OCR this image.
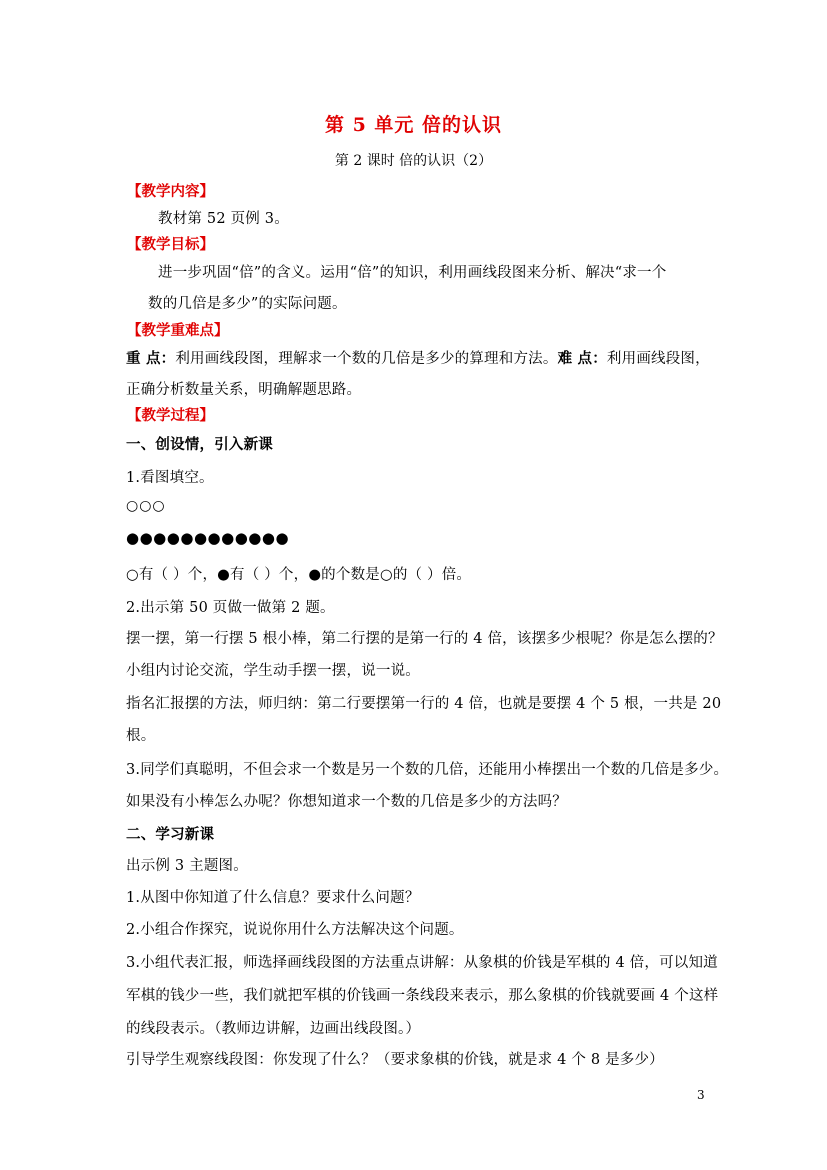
第 5 单元 倍的认识
第 2 课时 倍的认识（2）
【教学内容】
教材第 52 页例 3。
【教学目标】
进一步巩固“倍”的含义。运用“倍”的知识，利用画线段图来分析、解决“求一个
数的几倍是多少”的实际问题。
【教学重难点】
重 点：利用画线段图，理解求一个数的几倍是多少的算理和方法。难 点：利用画线段图，
正确分析数量关系，明确解题思路。
【教学过程】
一、创设情，引入新课
1.看图填空。
○○○
●●●●●●●●●●●●
○有（ ）个，●有（ ）个，●的个数是○的（ ）倍。
2.出示第 50 页做一做第 2 题。
摆一摆，第一行摆 5 根小棒，第二行摆的是第一行的 4 倍，该摆多少根呢？你是怎么摆的？
小组内讨论交流，学生动手摆一摆，说一说。
指名汇报摆的方法，师归纳：第二行要摆第一行的 4 倍，也就是要摆 4 个 5 根，一共是 20
根。
3.同学们真聪明，不但会求一个数是另一个数的几倍，还能用小棒摆出一个数的几倍是多少。
如果没有小棒怎么办呢？你想知道求一个数的几倍是多少的方法吗？
二、学习新课
出示例 3 主题图。
1.从图中你知道了什么信息？要求什么问题？
2.小组合作探究，说说你用什么方法解决这个问题。
3.小组代表汇报，师选择画线段图的方法重点讲解：从象棋的价钱是军棋的 4 倍，可以知道
军棋的钱少一些，我们就把军棋的价钱画一条线段来表示，那么象棋的价钱就要画 4 个这样
的线段表示。（教师边讲解，边画出线段图。）
引导学生观察线段图：你发现了什么？（要求象棋的价钱，就是求 4 个 8 是多少）
3
